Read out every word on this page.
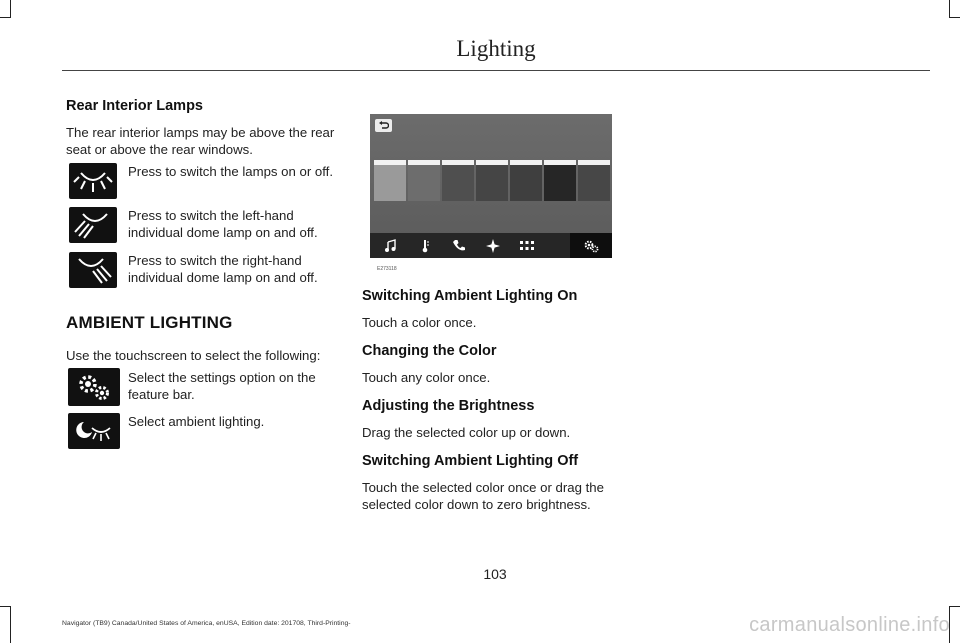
Lighting
Rear Interior Lamps

The rear interior lamps may be above the rear seat or above the rear windows.

Press to switch the lamps on or off.
Press to switch the left-hand individual dome lamp on and off.
Press to switch the right-hand individual dome lamp on and off.
AMBIENT LIGHTING

Use the touchscreen to select the following:

Select the settings option on the feature bar.
Select ambient lighting.
E273118
Switching Ambient Lighting On

Touch a color once.

Changing the Color

Touch any color once.

Adjusting the Brightness

Drag the selected color up or down.

Switching Ambient Lighting Off

Touch the selected color once or drag the selected color down to zero brightness.

103
Navigator (TB9) Canada/United States of America, enUSA, Edition date: 201708, Third-Printing-	carmanualsonline.info
